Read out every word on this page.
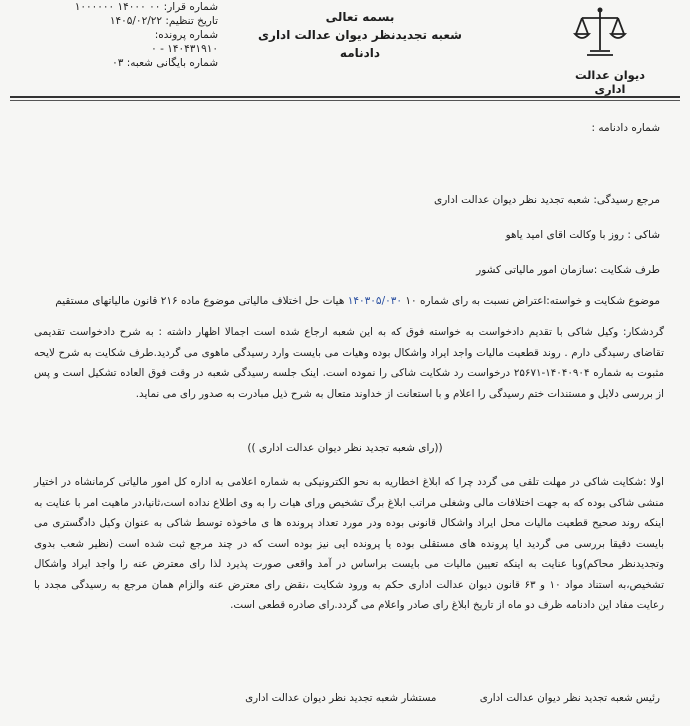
شماره قرار: ۰۰ ۱۴۰۰۰ ۱۰۰۰۰۰۰
تاریخ تنظیم: ۱۴۰۵/۰۲/۲۲
شماره پرونده:
۱۴۰۴۳۱۹۱۰ - ۰
شماره بایگانی شعبه: ۰۳
بسمه تعالی
شعبه تجدیدنظر دیوان عدالت اداری
دادنامه
دیوان عدالت اداری
شماره دادنامه :
مرجع رسیدگی: شعبه تجدید نظر دیوان عدالت اداری
شاکی : روز با وکالت اقای امید یاهو
طرف شکایت :سازمان امور مالیاتی کشور
موضوع شکایت و خواسته:اعتراض نسبت به رای شماره ۱۰ ۱۴۰۳۰۵/۰۳۰ هیات حل اختلاف مالیاتی موضوع ماده ۲۱۶ قانون مالیاتهای مستقیم
گردشکار: وکیل شاکی با تقدیم دادخواست به خواسته فوق که به این شعبه ارجاع شده است اجمالا اظهار داشته : به شرح دادخواست تقدیمی تقاضای رسیدگی دارم . روند قطعیت مالیات واجد ایراد واشکال بوده وهیات می بایست وارد رسیدگی ماهوی می گردید.طرف شکایت به شرح لایحه مثبوت به شماره ۱۴۰۴۰۹۰۴-۲۵۶۷۱ درخواست رد شکایت شاکی را نموده است. اینک جلسه رسیدگی شعبه در وقت فوق العاده تشکیل است و پس از بررسی دلایل و مستندات ختم رسیدگی را اعلام و با استعانت از خداوند متعال به شرح ذیل مبادرت به صدور رای می نماید.
((رای شعبه تجدید نظر دیوان عدالت اداری ))
اولا :شکایت شاکی در مهلت تلقی می گردد چرا که ابلاغ اخطاریه به نحو الکترونیکی به شماره اعلامی به اداره کل امور مالیاتی کرمانشاه در اختیار منشی شاکی بوده که به جهت اختلافات مالی وشغلی مراتب ابلاغ برگ تشخیص ورای هیات را به وی اطلاع نداده است،ثانیا،در ماهیت امر با عنایت به اینکه روند صحیح قطعیت مالیات محل ایراد واشکال قانونی بوده ودر مورد تعداد پرونده ها ی ماخوذه توسط شاکی به عنوان وکیل دادگستری می بایست دقیقا بررسی می گردید ایا پرونده های مستقلی بوده یا پرونده ایی نیز بوده است که در چند مرجع ثبت شده است (نظیر شعب بدوی وتجدیدنظر محاکم)وبا عنایت به اینکه تعیین مالیات می بایست براساس در آمد واقعی صورت پذیرد لذا رای معترض عنه را واجد ایراد واشکال تشخیص،به استناد مواد ۱۰ و ۶۳ قانون دیوان عدالت اداری حکم به ورود شکایت ،نقض رای معترض عنه والزام همان مرجع به رسیدگی مجدد با رعایت مفاد این دادنامه ظرف دو ماه از تاریخ ابلاغ رای صادر واعلام می گردد.رای صادره قطعی است.
رئیس شعبه تجدید نظر دیوان عدالت اداری مستشار شعبه تجدید نظر دیوان عدالت اداری
